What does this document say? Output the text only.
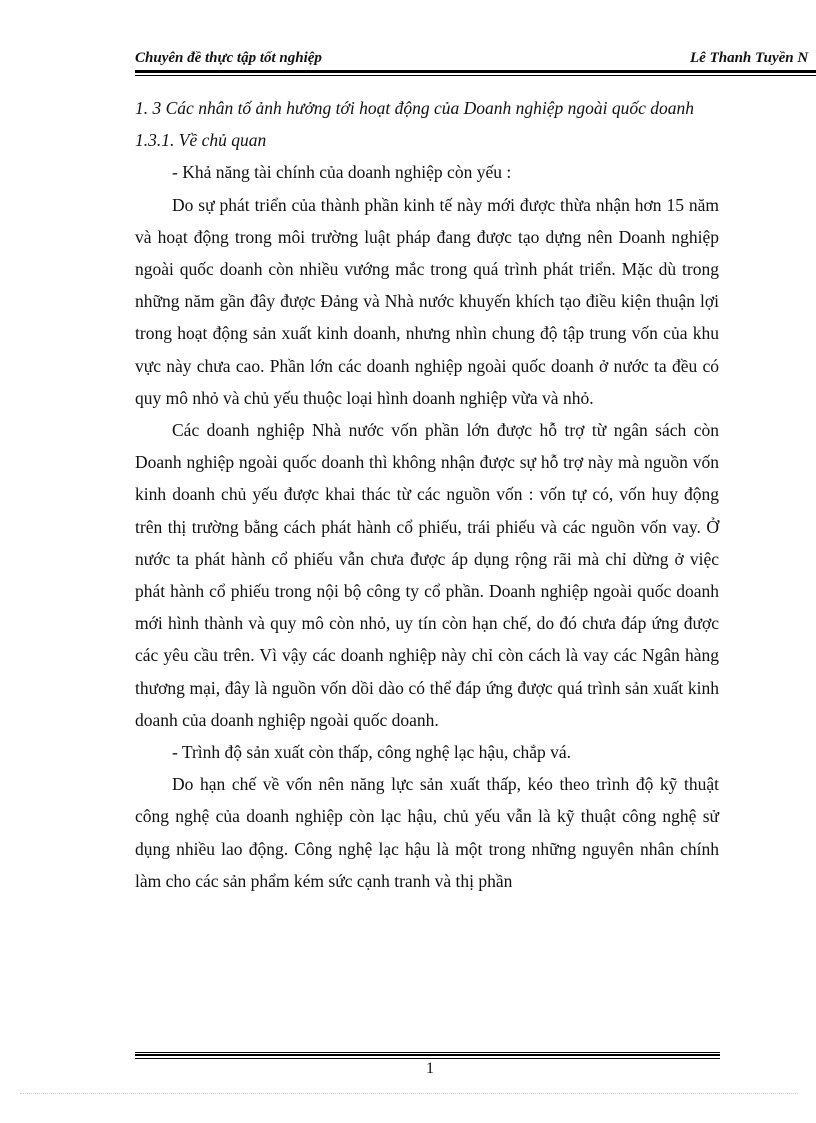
Chuyên đề thực tập tốt nghiệp	Lê Thanh Tuyền N

1. 3 Các nhân tố ảnh hưởng tới hoạt động của Doanh nghiệp ngoài quốc doanh

1.3.1. Về chủ quan

- Khả năng tài chính của doanh nghiệp còn yếu :

Do sự phát triển của thành phần kinh tế này mới được thừa nhận hơn 15 năm và hoạt động trong môi trường luật pháp đang được tạo dựng nên Doanh nghiệp ngoài quốc doanh còn nhiều vướng mắc trong quá trình phát triển. Mặc dù trong những năm gần đây được Đảng và Nhà nước khuyến khích tạo điều kiện thuận lợi trong hoạt động sản xuất kinh doanh, nhưng nhìn chung độ tập trung vốn của khu vực này chưa cao. Phần lớn các doanh nghiệp ngoài quốc doanh ở nước ta đều có quy mô nhỏ và chủ yếu thuộc loại hình doanh nghiệp vừa và nhỏ.

Các doanh nghiệp Nhà nước vốn phần lớn được hỗ trợ từ ngân sách còn Doanh nghiệp ngoài quốc doanh thì không nhận được sự hỗ trợ này mà nguồn vốn kinh doanh chủ yếu được khai thác từ các nguồn vốn : vốn tự có, vốn huy động trên thị trường bằng cách phát hành cổ phiếu, trái phiếu và các nguồn vốn vay. Ở nước ta phát hành cổ phiếu vẫn chưa được áp dụng rộng rãi mà chỉ dừng ở việc phát hành cổ phiếu trong nội bộ công ty cổ phần. Doanh nghiệp ngoài quốc doanh mới hình thành và quy mô còn nhỏ, uy tín còn hạn chế, do đó chưa đáp ứng được các yêu cầu trên. Vì vậy các doanh nghiệp này chỉ còn cách là vay các Ngân hàng thương mại, đây là nguồn vốn dồi dào có thể đáp ứng được quá trình sản xuất kinh doanh của doanh nghiệp ngoài quốc doanh.

- Trình độ sản xuất còn thấp, công nghệ lạc hậu, chắp vá.

Do hạn chế về vốn nên năng lực sản xuất thấp, kéo theo trình độ kỹ thuật công nghệ của doanh nghiệp còn lạc hậu, chủ yếu vẫn là kỹ thuật công nghệ sử dụng nhiều lao động. Công nghệ lạc hậu là một trong những nguyên nhân chính làm cho các sản phẩm kém sức cạnh tranh và thị phần

1
